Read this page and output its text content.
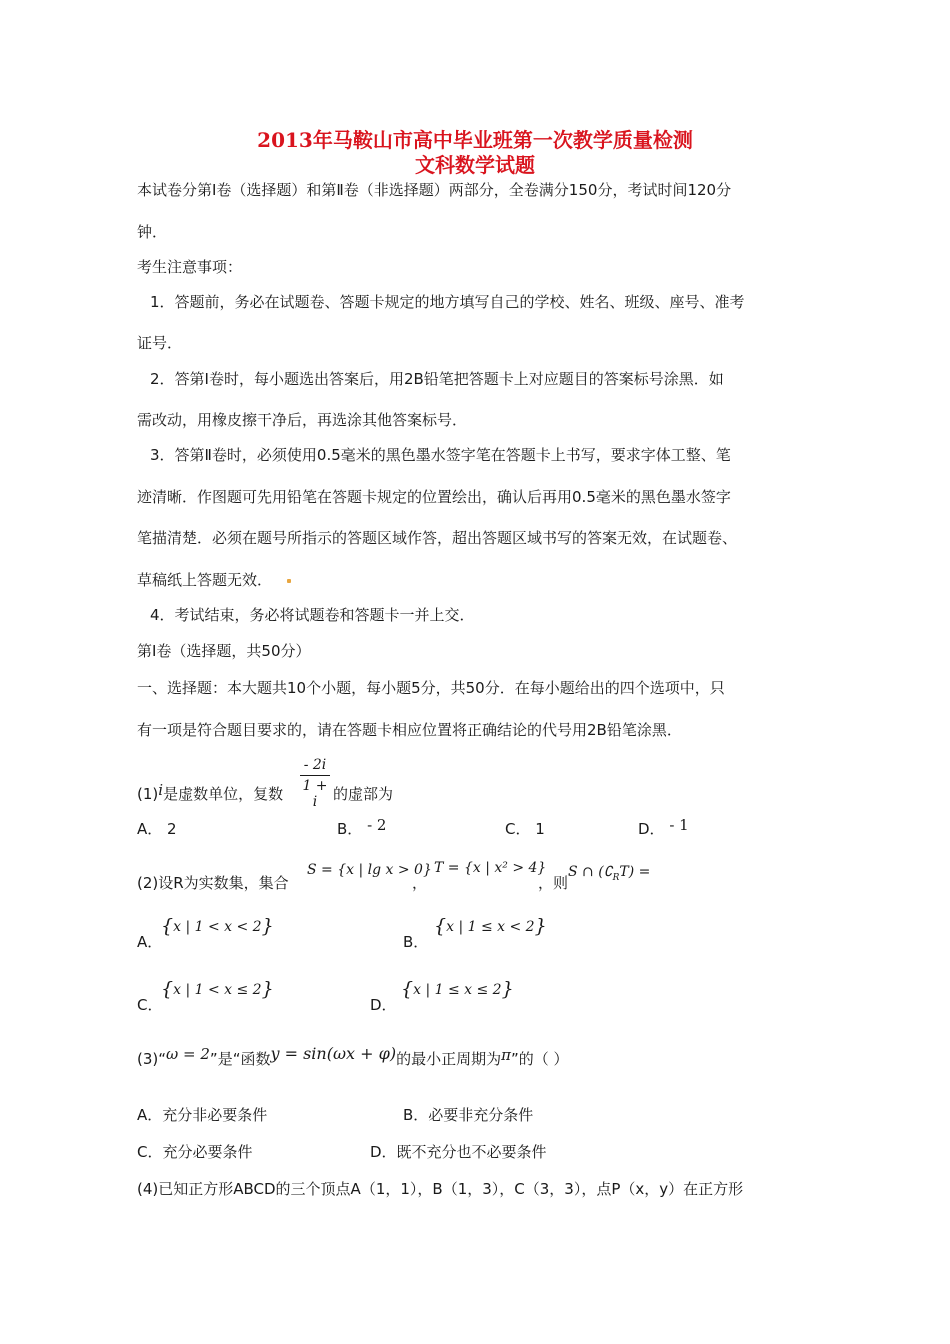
2013年马鞍山市高中毕业班第一次教学质量检测
文科数学试题
本试卷分第Ⅰ卷（选择题）和第Ⅱ卷（非选择题）两部分，全卷满分150分，考试时间120分
钟．
考生注意事项：
1．答题前，务必在试题卷、答题卡规定的地方填写自己的学校、姓名、班级、座号、准考
证号．
2．答第Ⅰ卷时，每小题选出答案后，用2B铅笔把答题卡上对应题目的答案标号涂黑．如
需改动，用橡皮擦干净后，再选涂其他答案标号．
3．答第Ⅱ卷时，必须使用0.5毫米的黑色墨水签字笔在答题卡上书写，要求字体工整、笔
迹清晰．作图题可先用铅笔在答题卡规定的位置绘出，确认后再用0.5毫米的黑色墨水签字
笔描清楚．必须在题号所指示的答题区域作答，超出答题区域书写的答案无效，在试题卷、
草稿纸上答题无效．
4．考试结束，务必将试题卷和答题卡一并上交．
第Ⅰ卷（选择题，共50分）
一、选择题：本大题共10个小题，每小题5分，共50分．在每小题给出的四个选项中，只
有一项是符合题目要求的，请在答题卡相应位置将正确结论的代号用2B铅笔涂黑．
(1)i是虚数单位，复数
- 2i
1 + i	的虚部为
A． 2	B． - 2	C． 1	D． - 1
(2)设R为实数集，集合
S = {x | lg x > 0}
，
T = {x | x² > 4}
，则
S ∩ $(∁_RT)$ =
A．
{x | 1 < x < 2}
B．
{x | 1 ≤ x < 2}
C．
{x | 1 < x ≤ 2}
D．
{x | 1 ≤ x ≤ 2}
(3)“ω = 2”是“函数y = sin(ωx + φ)的最小正周期为π”的（ ）
A．充分非必要条件	B．必要非充分条件
C．充分必要条件	D．既不充分也不必要条件
(4)已知正方形ABCD的三个顶点A（1，1），B（1，3），C（3，3），点P（x，y）在正方形
